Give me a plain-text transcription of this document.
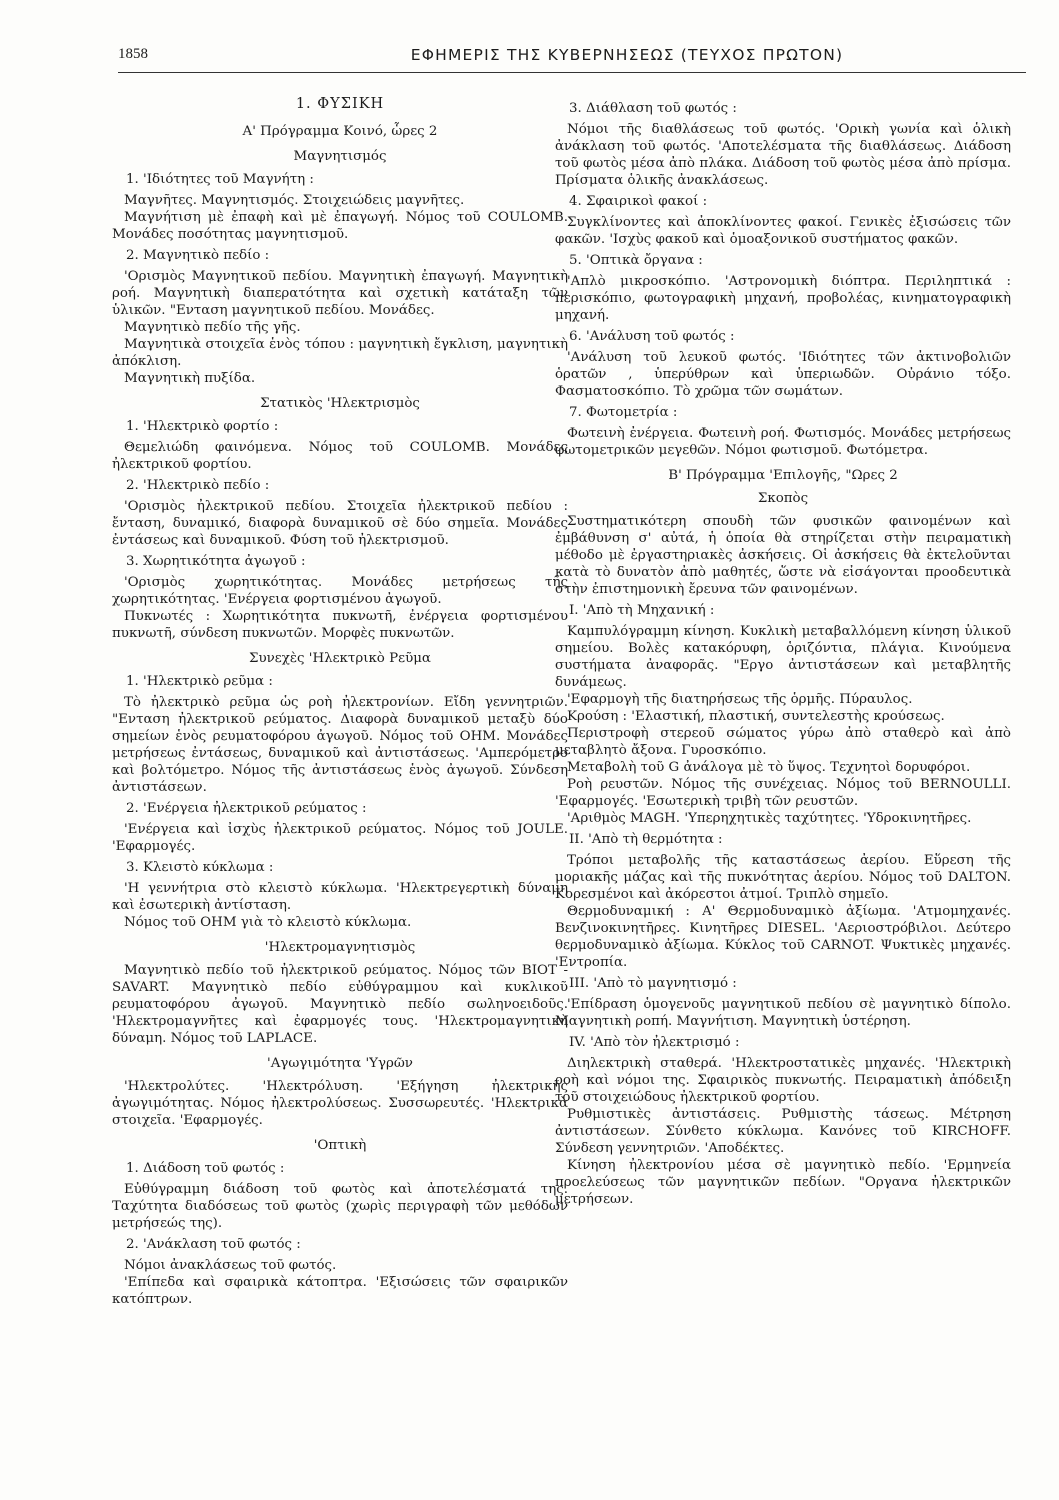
1858	ΕΦΗΜΕΡΙΣ ΤΗΣ ΚΥΒΕΡΝΗΣΕΩΣ (ΤΕΥΧΟΣ ΠΡΩΤΟΝ)
1. ΦΥΣΙΚΗ
Α' Πρόγραμμα Κοινό, ὧρες 2
Μαγνητισμός
1. 'Ιδιότητες τοῦ Μαγνήτη :

Μαγνῆτες. Μαγνητισμός. Στοιχειώδεις μαγνῆτες.

Μαγνήτιση μὲ ἐπαφὴ καὶ μὲ ἐπαγωγή. Νόμος τοῦ COULOMB. Μονάδες ποσότητας μαγνητισμοῦ.

2. Μαγνητικὸ πεδίο :

'Ορισμὸς Μαγνητικοῦ πεδίου. Μαγνητικὴ ἐπαγωγή. Μαγνητικὴ ροή. Μαγνητικὴ διαπερατότητα καὶ σχετικὴ κατάταξη τῶν ὑλικῶν. "Ενταση μαγνητικοῦ πεδίου. Μονάδες.

Μαγνητικὸ πεδίο τῆς γῆς.

Μαγνητικὰ στοιχεῖα ἑνὸς τόπου : μαγνητικὴ ἔγκλιση, μαγνητικὴ ἀπόκλιση.

Μαγνητικὴ πυξίδα.

Στατικὸς 'Ηλεκτρισμὸς
1. 'Ηλεκτρικὸ φορτίο :

Θεμελιώδη φαινόμενα. Νόμος τοῦ COULOMB. Μονάδες ἠλεκτρικοῦ φορτίου.

2. 'Ηλεκτρικὸ πεδίο :

'Ορισμὸς ἠλεκτρικοῦ πεδίου. Στοιχεῖα ἠλεκτρικοῦ πεδίου : ἔνταση, δυναμικό, διαφορὰ δυναμικοῦ σὲ δύο σημεῖα. Μονάδες ἐντάσεως καὶ δυναμικοῦ. Φύση τοῦ ἠλεκτρισμοῦ.

3. Χωρητικότητα ἀγωγοῦ :

'Ορισμὸς χωρητικότητας. Μονάδες μετρήσεως τῆς χωρητικότητας. 'Ενέργεια φορτισμένου ἀγωγοῦ.

Πυκνωτές : Χωρητικότητα πυκνωτῆ, ἐνέργεια φορτισμένου πυκνωτῆ, σύνδεση πυκνωτῶν. Μορφὲς πυκνωτῶν.

Συνεχὲς 'Ηλεκτρικὸ Ρεῦμα
1. 'Ηλεκτρικὸ ρεῦμα :

Τὸ ἠλεκτρικὸ ρεῦμα ὡς ροὴ ἠλεκτρονίων. Εἴδη γεννητριῶν. "Ενταση ἠλεκτρικοῦ ρεύματος. Διαφορὰ δυναμικοῦ μεταξὺ δύο σημείων ἑνὸς ρευματοφόρου ἀγωγοῦ. Νόμος τοῦ OHM. Μονάδες μετρήσεως ἐντάσεως, δυναμικοῦ καὶ ἀντιστάσεως. 'Αμπερόμετρο καὶ βολτόμετρο. Νόμος τῆς ἀντιστάσεως ἑνὸς ἀγωγοῦ. Σύνδεση ἀντιστάσεων.

2. 'Ενέργεια ἠλεκτρικοῦ ρεύματος :

'Ενέργεια καὶ ἰσχὺς ἠλεκτρικοῦ ρεύματος. Νόμος τοῦ JOULE. 'Εφαρμογές.

3. Κλειστὸ κύκλωμα :

'Η γεννήτρια στὸ κλειστὸ κύκλωμα. 'Ηλεκτρεγερτικὴ δύναμη καὶ ἐσωτερικὴ ἀντίσταση.

Νόμος τοῦ OHM γιὰ τὸ κλειστὸ κύκλωμα.

'Ηλεκτρομαγνητισμὸς

Μαγνητικὸ πεδίο τοῦ ἠλεκτρικοῦ ρεύματος. Νόμος τῶν BIOT - SAVART. Μαγνητικὸ πεδίο εὐθύγραμμου καὶ κυκλικοῦ ρευματοφόρου ἀγωγοῦ. Μαγνητικὸ πεδίο σωληνοειδοῦς. 'Ηλεκτρομαγνῆτες καὶ ἐφαρμογές τους. 'Ηλεκτρομαγνητικὴ δύναμη. Νόμος τοῦ LAPLACE.

'Αγωγιμότητα 'Υγρῶν

'Ηλεκτρολύτες. 'Ηλεκτρόλυση. 'Εξήγηση ἠλεκτρικῆς ἀγωγιμότητας. Νόμος ἠλεκτρολύσεως. Συσσωρευτές. 'Ηλεκτρικὰ στοιχεῖα. 'Εφαρμογές.

'Οπτικὴ
1. Διάδοση τοῦ φωτός :

Εὐθύγραμμη διάδοση τοῦ φωτὸς καὶ ἀποτελέσματά της. Ταχύτητα διαδόσεως τοῦ φωτὸς (χωρὶς περιγραφὴ τῶν μεθόδων μετρήσεώς της).

2. 'Ανάκλαση τοῦ φωτός :

Νόμοι ἀνακλάσεως τοῦ φωτός.

'Επίπεδα καὶ σφαιρικὰ κάτοπτρα. 'Εξισώσεις τῶν σφαιρικῶν κατόπτρων.

3. Διάθλαση τοῦ φωτός :

Νόμοι τῆς διαθλάσεως τοῦ φωτός. 'Ορικὴ γωνία καὶ ὁλικὴ ἀνάκλαση τοῦ φωτός. 'Αποτελέσματα τῆς διαθλάσεως. Διάδοση τοῦ φωτὸς μέσα ἀπὸ πλάκα. Διάδοση τοῦ φωτὸς μέσα ἀπὸ πρίσμα. Πρίσματα ὁλικῆς ἀνακλάσεως.

4. Σφαιρικοὶ φακοί :

Συγκλίνοντες καὶ ἀποκλίνοντες φακοί. Γενικὲς ἐξισώσεις τῶν φακῶν. 'Ισχὺς φακοῦ καὶ ὁμοαξονικοῦ συστήματος φακῶν.

5. 'Οπτικὰ ὄργανα :

'Απλὸ μικροσκόπιο. 'Αστρονομικὴ διόπτρα. Περιληπτικά : περισκόπιο, φωτογραφικὴ μηχανή, προβολέας, κινηματογραφικὴ μηχανή.

6. 'Ανάλυση τοῦ φωτός :

'Ανάλυση τοῦ λευκοῦ φωτός. 'Ιδιότητες τῶν ἀκτινοβολιῶν ὁρατῶν , ὑπερύθρων καὶ ὑπεριωδῶν. Οὐράνιο τόξο. Φασματοσκόπιο. Τὸ χρῶμα τῶν σωμάτων.

7. Φωτομετρία :

Φωτεινὴ ἐνέργεια. Φωτεινὴ ροή. Φωτισμός. Μονάδες μετρήσεως φωτομετρικῶν μεγεθῶν. Νόμοι φωτισμοῦ. Φωτόμετρα.

Β' Πρόγραμμα 'Επιλογῆς, "Ωρες 2
Σκοπὸς

Συστηματικότερη σπουδὴ τῶν φυσικῶν φαινομένων καὶ ἐμβάθυνση σ' αὐτά, ἡ ὁποία θὰ στηρίζεται στὴν πειραματικὴ μέθοδο μὲ ἐργαστηριακὲς ἀσκήσεις. Οἱ ἀσκήσεις θὰ ἐκτελοῦνται κατὰ τὸ δυνατὸν ἀπὸ μαθητές, ὥστε νὰ εἰσάγονται προοδευτικὰ στὴν ἐπιστημονικὴ ἔρευνα τῶν φαινομένων.

Ι. 'Απὸ τὴ Μηχανική :

Καμπυλόγραμμη κίνηση. Κυκλικὴ μεταβαλλόμενη κίνηση ὑλικοῦ σημείου. Βολὲς κατακόρυφη, ὁριζόντια, πλάγια. Κινούμενα συστήματα ἀναφορᾶς. "Εργο ἀντιστάσεων καὶ μεταβλητῆς δυνάμεως.

'Εφαρμογὴ τῆς διατηρήσεως τῆς ὁρμῆς. Πύραυλος.

Κρούση : 'Ελαστική, πλαστική, συντελεστὴς κρούσεως.

Περιστροφὴ στερεοῦ σώματος γύρω ἀπὸ σταθερὸ καὶ ἀπὸ μεταβλητὸ ἄξονα. Γυροσκόπιο.

Μεταβολὴ τοῦ G ἀνάλογα μὲ τὸ ὕψος. Τεχνητοὶ δορυφόροι.

Ροὴ ρευστῶν. Νόμος τῆς συνέχειας. Νόμος τοῦ BERNOULLI. 'Εφαρμογές. 'Εσωτερικὴ τριβὴ τῶν ρευστῶν.

'Αριθμὸς MAGH. 'Υπερηχητικὲς ταχύτητες. 'Υδροκινητῆρες.

ΙΙ. 'Απὸ τὴ θερμότητα :

Τρόποι μεταβολῆς τῆς καταστάσεως ἀερίου. Εὕρεση τῆς μοριακῆς μάζας καὶ τῆς πυκνότητας ἀερίου. Νόμος τοῦ DALTON. Κορεσμένοι καὶ ἀκόρεστοι ἀτμοί. Τριπλὸ σημεῖο.

Θερμοδυναμική : Α' Θερμοδυναμικὸ ἀξίωμα. 'Ατμομηχανές. Βενζινοκινητῆρες. Κινητῆρες DIESEL. 'Αεριοστρόβιλοι. Δεύτερο θερμοδυναμικὸ ἀξίωμα. Κύκλος τοῦ CARNOT. Ψυκτικὲς μηχανές. 'Εντροπία.

ΙΙΙ. 'Απὸ τὸ μαγνητισμό :

'Επίδραση ὁμογενοῦς μαγνητικοῦ πεδίου σὲ μαγνητικὸ δίπολο. Μαγνητικὴ ροπή. Μαγνήτιση. Μαγνητικὴ ὑστέρηση.

ΙV. 'Απὸ τὸν ἠλεκτρισμό :

Διηλεκτρικὴ σταθερά. 'Ηλεκτροστατικὲς μηχανές. 'Ηλεκτρικὴ ροὴ καὶ νόμοι της. Σφαιρικὸς πυκνωτής. Πειραματικὴ ἀπόδειξη τοῦ στοιχειώδους ἠλεκτρικοῦ φορτίου.

Ρυθμιστικὲς ἀντιστάσεις. Ρυθμιστὴς τάσεως. Μέτρηση ἀντιστάσεων. Σύνθετο κύκλωμα. Κανόνες τοῦ KIRCHOFF. Σύνδεση γεννητριῶν. 'Αποδέκτες.

Κίνηση ἠλεκτρονίου μέσα σὲ μαγνητικὸ πεδίο. 'Ερμηνεία προελεύσεως τῶν μαγνητικῶν πεδίων. "Οργανα ἠλεκτρικῶν μετρήσεων.
